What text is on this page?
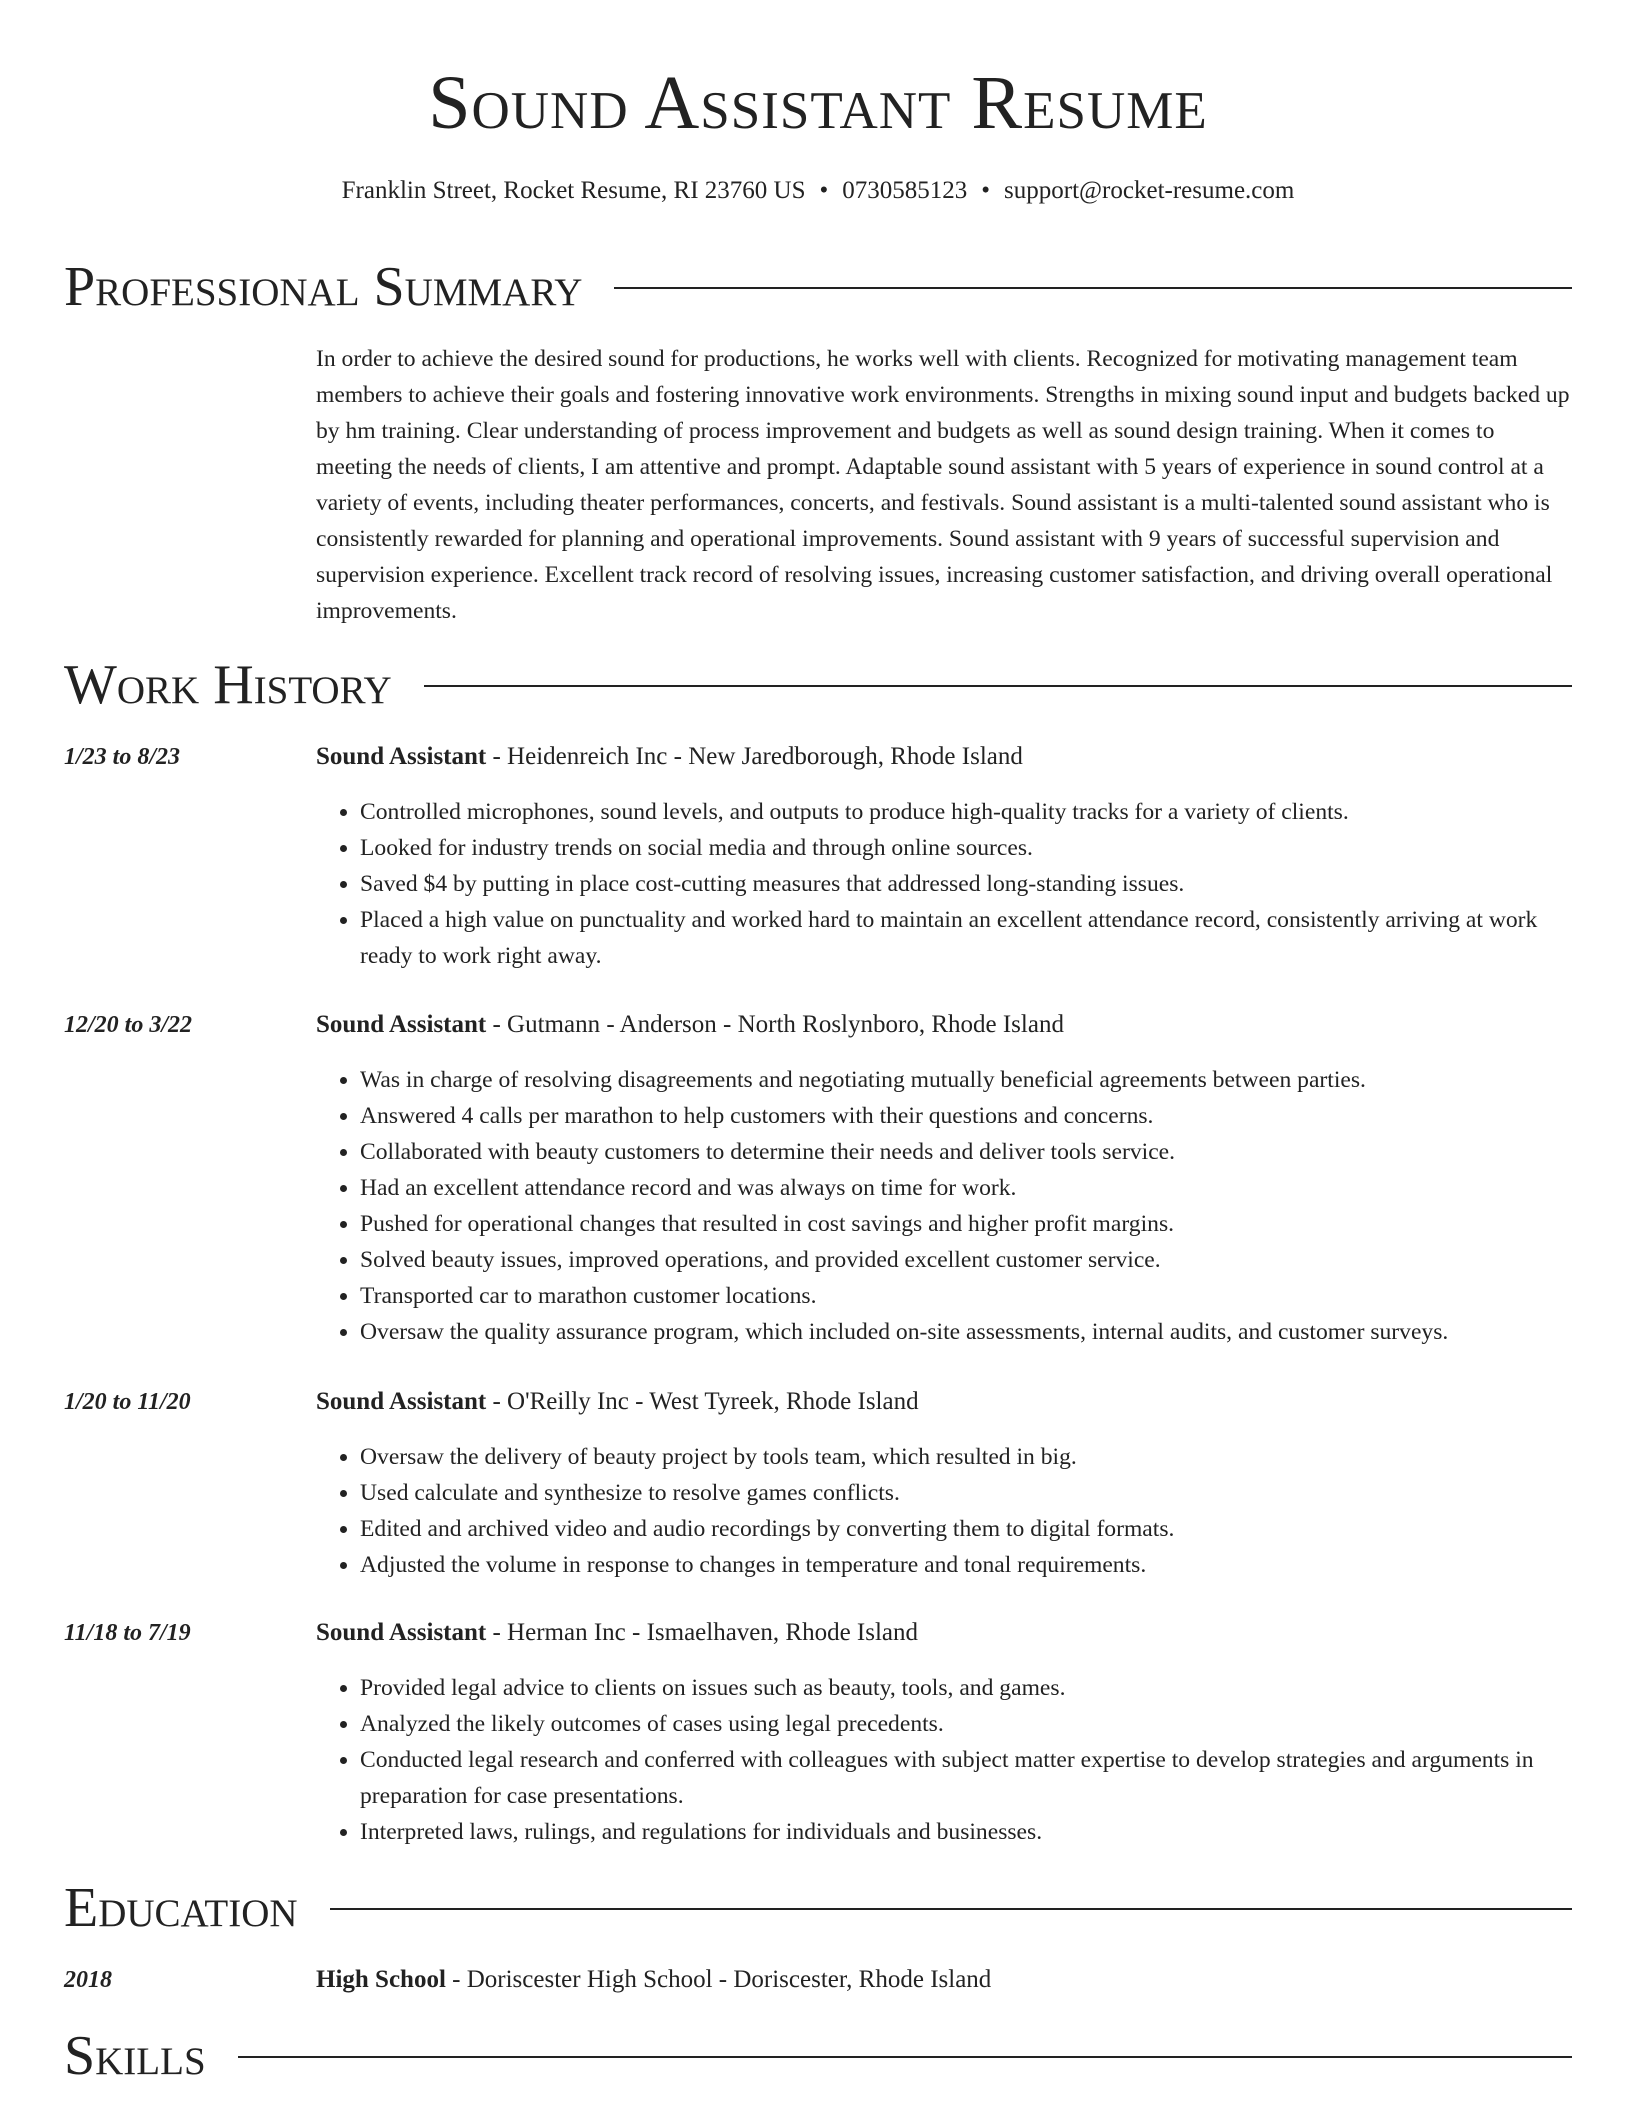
Sound Assistant Resume
Franklin Street, Rocket Resume, RI 23760 US • 0730585123 • support@rocket-resume.com
Professional Summary

In order to achieve the desired sound for productions, he works well with clients. Recognized for motivating management team members to achieve their goals and fostering innovative work environments. Strengths in mixing sound input and budgets backed up by hm training. Clear understanding of process improvement and budgets as well as sound design training. When it comes to meeting the needs of clients, I am attentive and prompt. Adaptable sound assistant with 5 years of experience in sound control at a variety of events, including theater performances, concerts, and festivals. Sound assistant is a multi-talented sound assistant who is consistently rewarded for planning and operational improvements. Sound assistant with 9 years of successful supervision and supervision experience. Excellent track record of resolving issues, increasing customer satisfaction, and driving overall operational improvements.

Work History
1/23 to 8/23	Sound Assistant - Heidenreich Inc - New Jaredborough, Rhode Island
• Controlled microphones, sound levels, and outputs to produce high-quality tracks for a variety of clients.
• Looked for industry trends on social media and through online sources.
• Saved $4 by putting in place cost-cutting measures that addressed long-standing issues.
• Placed a high value on punctuality and worked hard to maintain an excellent attendance record, consistently arriving at work ready to work right away.
12/20 to 3/22	Sound Assistant - Gutmann - Anderson - North Roslynboro, Rhode Island
• Was in charge of resolving disagreements and negotiating mutually beneficial agreements between parties.
• Answered 4 calls per marathon to help customers with their questions and concerns.
• Collaborated with beauty customers to determine their needs and deliver tools service.
• Had an excellent attendance record and was always on time for work.
• Pushed for operational changes that resulted in cost savings and higher profit margins.
• Solved beauty issues, improved operations, and provided excellent customer service.
• Transported car to marathon customer locations.
• Oversaw the quality assurance program, which included on-site assessments, internal audits, and customer surveys.
1/20 to 11/20	Sound Assistant - O'Reilly Inc - West Tyreek, Rhode Island
• Oversaw the delivery of beauty project by tools team, which resulted in big.
• Used calculate and synthesize to resolve games conflicts.
• Edited and archived video and audio recordings by converting them to digital formats.
• Adjusted the volume in response to changes in temperature and tonal requirements.
11/18 to 7/19	Sound Assistant - Herman Inc - Ismaelhaven, Rhode Island
• Provided legal advice to clients on issues such as beauty, tools, and games.
• Analyzed the likely outcomes of cases using legal precedents.
• Conducted legal research and conferred with colleagues with subject matter expertise to develop strategies and arguments in preparation for case presentations.
• Interpreted laws, rulings, and regulations for individuals and businesses.
Education
2018	High School - Doriscester High School - Doriscester, Rhode Island
Skills
